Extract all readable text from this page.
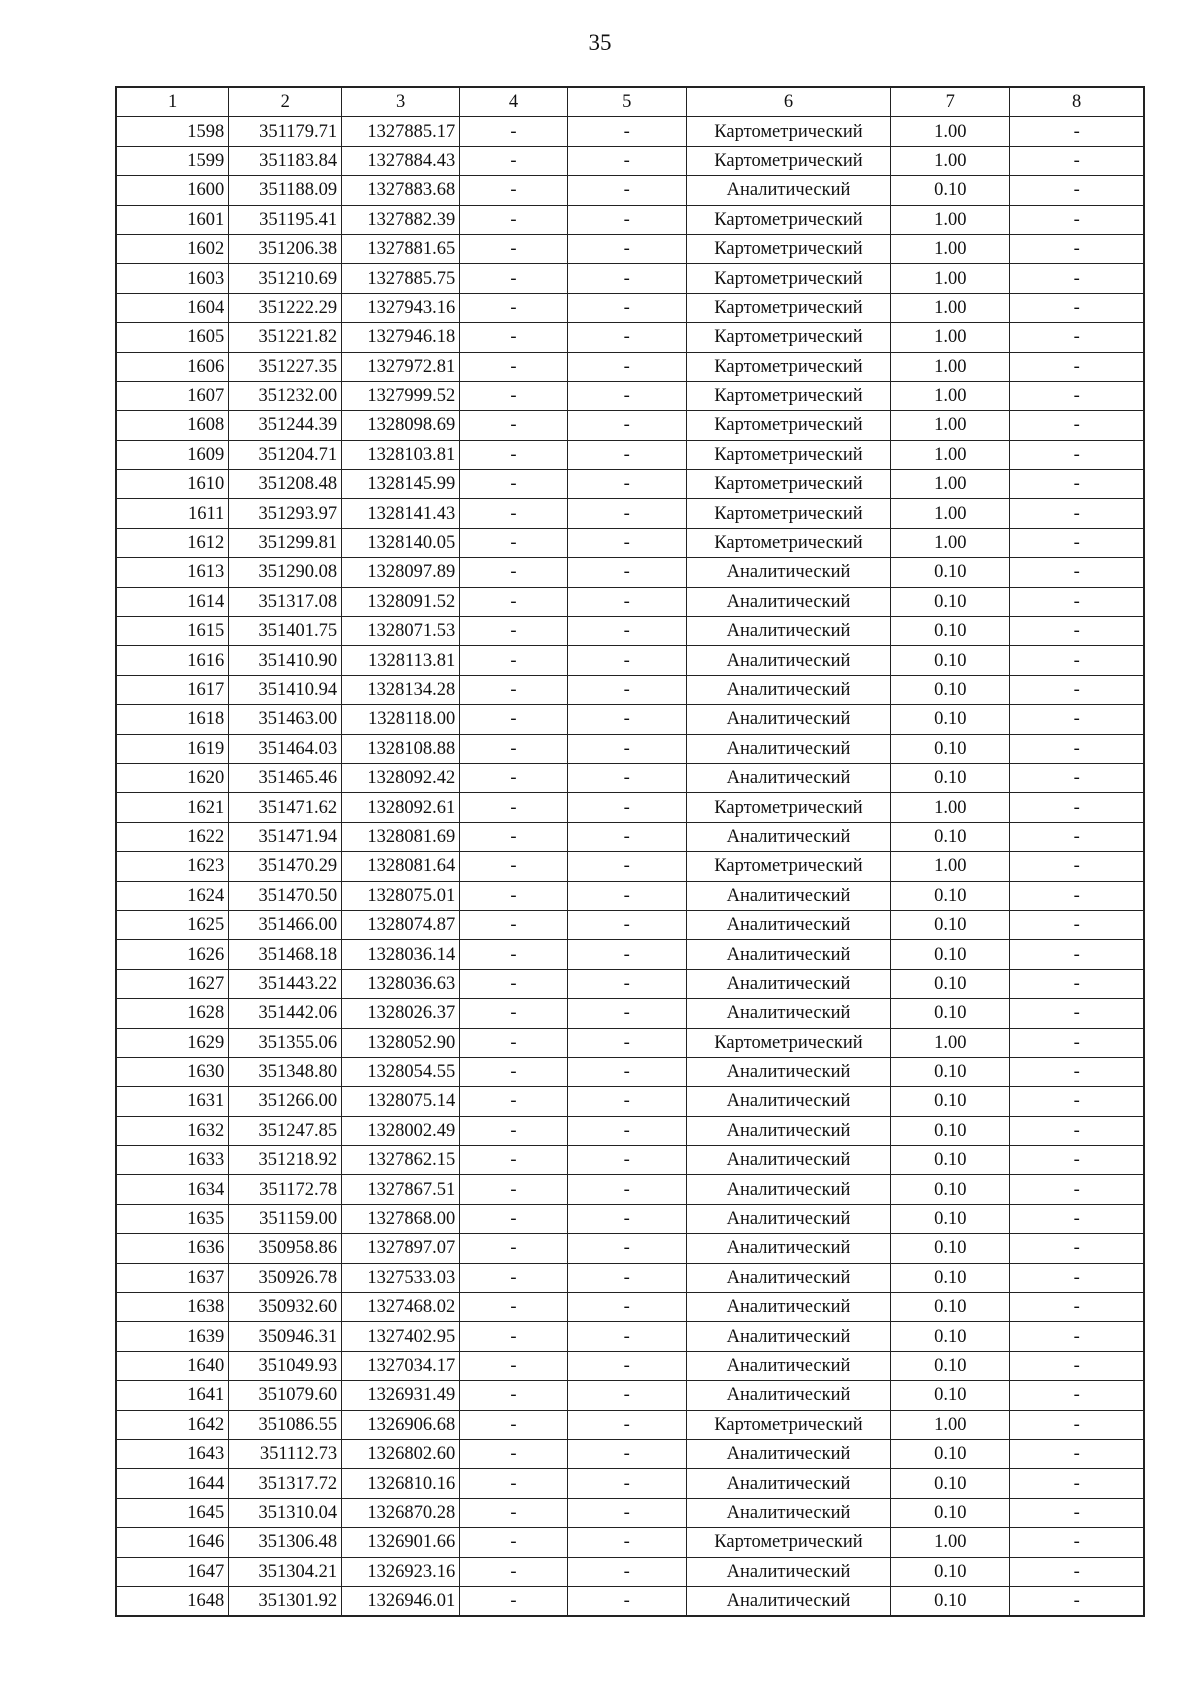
35
1	2	3	4	5	6	7	8
1598	351179.71	1327885.17	-	-	Картометрический	1.00	-
1599	351183.84	1327884.43	-	-	Картометрический	1.00	-
1600	351188.09	1327883.68	-	-	Аналитический	0.10	-
1601	351195.41	1327882.39	-	-	Картометрический	1.00	-
1602	351206.38	1327881.65	-	-	Картометрический	1.00	-
1603	351210.69	1327885.75	-	-	Картометрический	1.00	-
1604	351222.29	1327943.16	-	-	Картометрический	1.00	-
1605	351221.82	1327946.18	-	-	Картометрический	1.00	-
1606	351227.35	1327972.81	-	-	Картометрический	1.00	-
1607	351232.00	1327999.52	-	-	Картометрический	1.00	-
1608	351244.39	1328098.69	-	-	Картометрический	1.00	-
1609	351204.71	1328103.81	-	-	Картометрический	1.00	-
1610	351208.48	1328145.99	-	-	Картометрический	1.00	-
1611	351293.97	1328141.43	-	-	Картометрический	1.00	-
1612	351299.81	1328140.05	-	-	Картометрический	1.00	-
1613	351290.08	1328097.89	-	-	Аналитический	0.10	-
1614	351317.08	1328091.52	-	-	Аналитический	0.10	-
1615	351401.75	1328071.53	-	-	Аналитический	0.10	-
1616	351410.90	1328113.81	-	-	Аналитический	0.10	-
1617	351410.94	1328134.28	-	-	Аналитический	0.10	-
1618	351463.00	1328118.00	-	-	Аналитический	0.10	-
1619	351464.03	1328108.88	-	-	Аналитический	0.10	-
1620	351465.46	1328092.42	-	-	Аналитический	0.10	-
1621	351471.62	1328092.61	-	-	Картометрический	1.00	-
1622	351471.94	1328081.69	-	-	Аналитический	0.10	-
1623	351470.29	1328081.64	-	-	Картометрический	1.00	-
1624	351470.50	1328075.01	-	-	Аналитический	0.10	-
1625	351466.00	1328074.87	-	-	Аналитический	0.10	-
1626	351468.18	1328036.14	-	-	Аналитический	0.10	-
1627	351443.22	1328036.63	-	-	Аналитический	0.10	-
1628	351442.06	1328026.37	-	-	Аналитический	0.10	-
1629	351355.06	1328052.90	-	-	Картометрический	1.00	-
1630	351348.80	1328054.55	-	-	Аналитический	0.10	-
1631	351266.00	1328075.14	-	-	Аналитический	0.10	-
1632	351247.85	1328002.49	-	-	Аналитический	0.10	-
1633	351218.92	1327862.15	-	-	Аналитический	0.10	-
1634	351172.78	1327867.51	-	-	Аналитический	0.10	-
1635	351159.00	1327868.00	-	-	Аналитический	0.10	-
1636	350958.86	1327897.07	-	-	Аналитический	0.10	-
1637	350926.78	1327533.03	-	-	Аналитический	0.10	-
1638	350932.60	1327468.02	-	-	Аналитический	0.10	-
1639	350946.31	1327402.95	-	-	Аналитический	0.10	-
1640	351049.93	1327034.17	-	-	Аналитический	0.10	-
1641	351079.60	1326931.49	-	-	Аналитический	0.10	-
1642	351086.55	1326906.68	-	-	Картометрический	1.00	-
1643	351112.73	1326802.60	-	-	Аналитический	0.10	-
1644	351317.72	1326810.16	-	-	Аналитический	0.10	-
1645	351310.04	1326870.28	-	-	Аналитический	0.10	-
1646	351306.48	1326901.66	-	-	Картометрический	1.00	-
1647	351304.21	1326923.16	-	-	Аналитический	0.10	-
1648	351301.92	1326946.01	-	-	Аналитический	0.10	-
